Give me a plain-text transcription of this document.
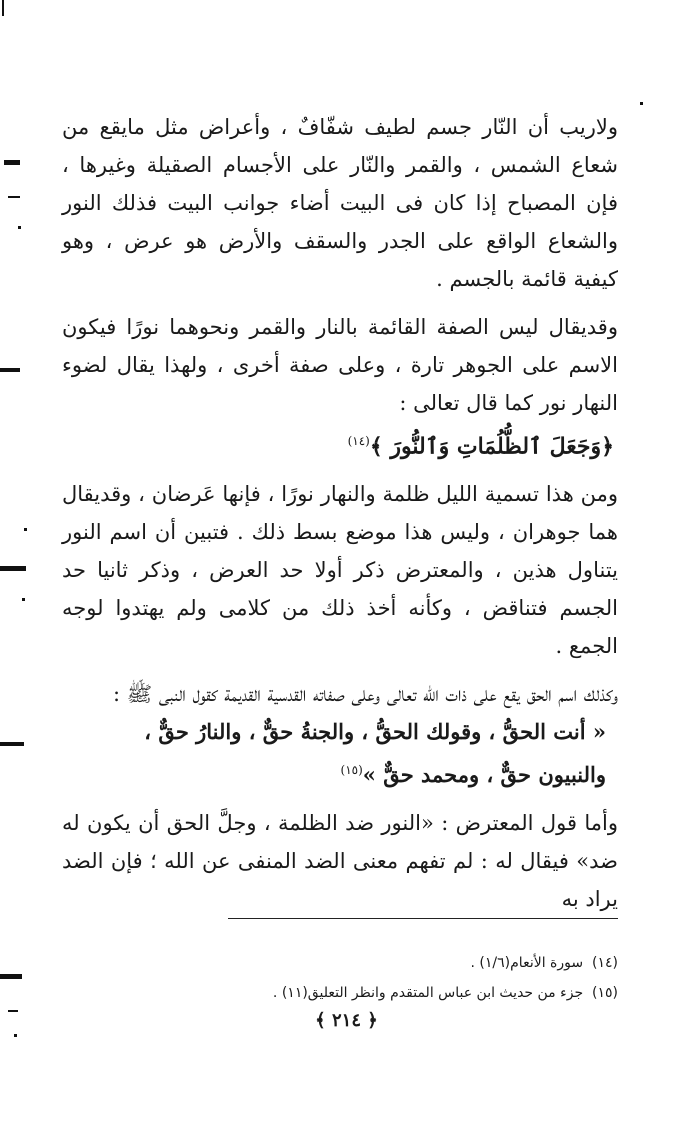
ولاريب أن النّار جسم لطيف شفّافٌ ، وأعراض مثل مايقع من شعاع الشمس ، والقمر والنّار على الأجسام الصقيلة وغيرها ، فإن المصباح إذا كان فى البيت أضاء جوانب البيت فذلك النور والشعاع الواقع على الجدر والسقف والأرض هو عرض ، وهو كيفية قائمة بالجسم .

وقديقال ليس الصفة القائمة بالنار والقمر ونحوهما نورًا فيكون الاسم على الجوهر تارة ، وعلى صفة أخرى ، ولهذا يقال لضوء النهار نور كما قال تعالى :

﴿وَجَعَلَ ٱلظُّلُمَاتِ وَٱلنُّورَ ﴾$^{(١٤)}$

ومن هذا تسمية الليل ظلمة والنهار نورًا ، فإنها عَرضان ، وقديقال هما جوهران ، وليس هذا موضع بسط ذلك . فتبين أن اسم النور يتناول هذين ، والمعترض ذكر أولا حد العرض ، وذكر ثانيا حد الجسم فتناقض ، وكأنه أخذ ذلك من كلامى ولم يهتدوا لوجه الجمع .

وكذلك اسم الحق يقع على ذات الله تعالى وعلى صفاته القدسية القديمة كقول النبى ﷺ :

« أنت الحقُّ ، وقولك الحقُّ ، والجنةُ حقٌّ ، والنارُ حقٌّ ،

والنبيون حقٌّ ، ومحمد حقٌّ »$^{(١٥)}$

وأما قول المعترض : «النور ضد الظلمة ، وجلَّ الحق أن يكون له ضد» فيقال له : لم تفهم معنى الضد المنفى عن الله ؛ فإن الضد يراد به

(١٤)  سورة الأنعام(١/٦) .

(١٥)  جزء من حديث ابن عباس المتقدم وانظر التعليق(١١) .

﴿ ٢١٤ ﴾
